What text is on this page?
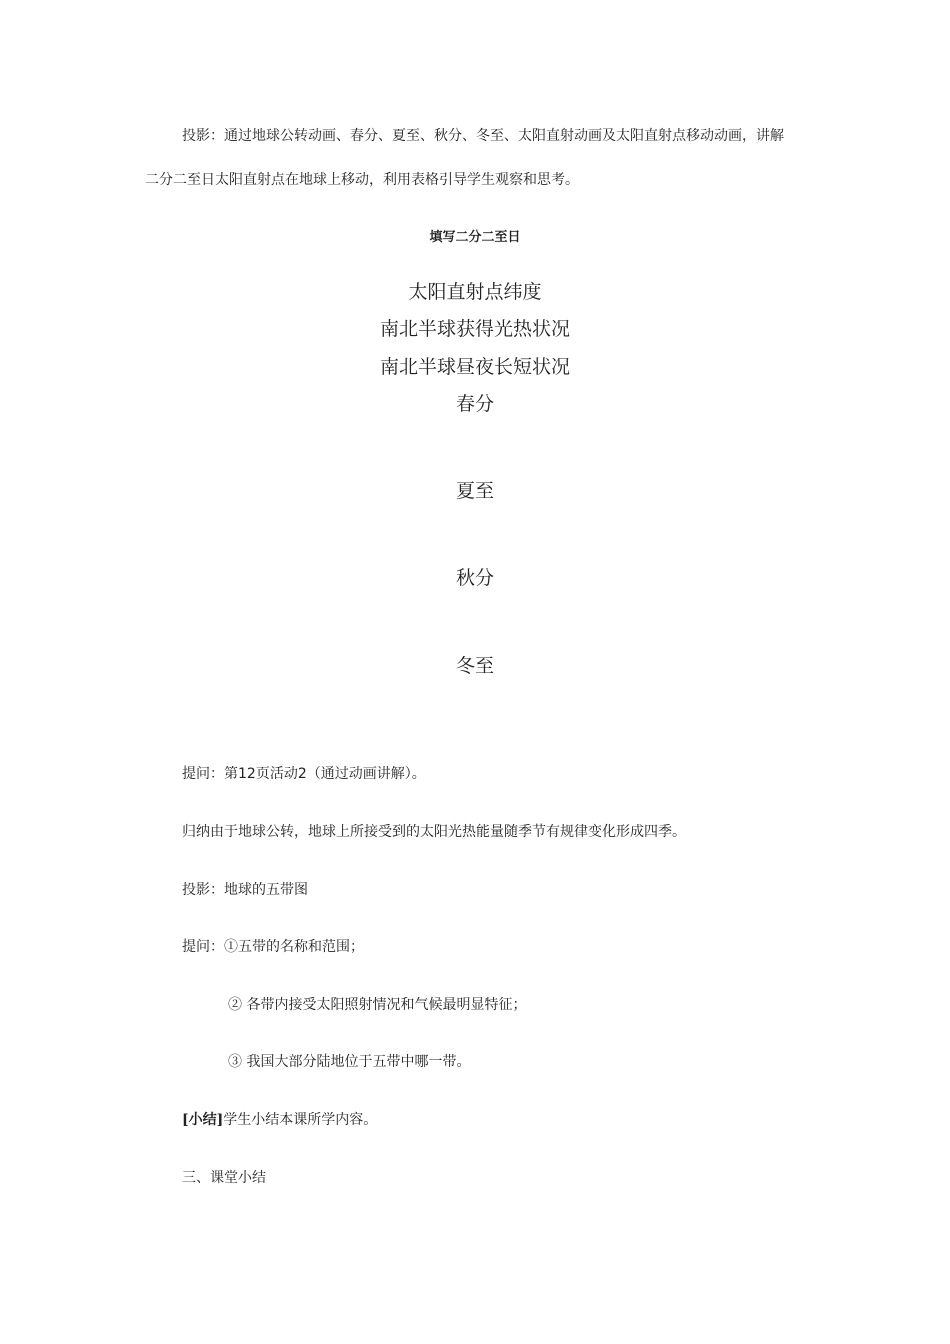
投影：通过地球公转动画、春分、夏至、秋分、冬至、太阳直射动画及太阳直射点移动动画，讲解
二分二至日太阳直射点在地球上移动，利用表格引导学生观察和思考。
填写二分二至日
太阳直射点纬度
南北半球获得光热状况
南北半球昼夜长短状况
春分
夏至
秋分
冬至
提问：第12页活动2（通过动画讲解）。
归纳由于地球公转，地球上所接受到的太阳光热能量随季节有规律变化形成四季。
投影：地球的五带图
提问：①五带的名称和范围；
② 各带内接受太阳照射情况和气候最明显特征；
③ 我国大部分陆地位于五带中哪一带。
[小结]学生小结本课所学内容。
三、课堂小结
